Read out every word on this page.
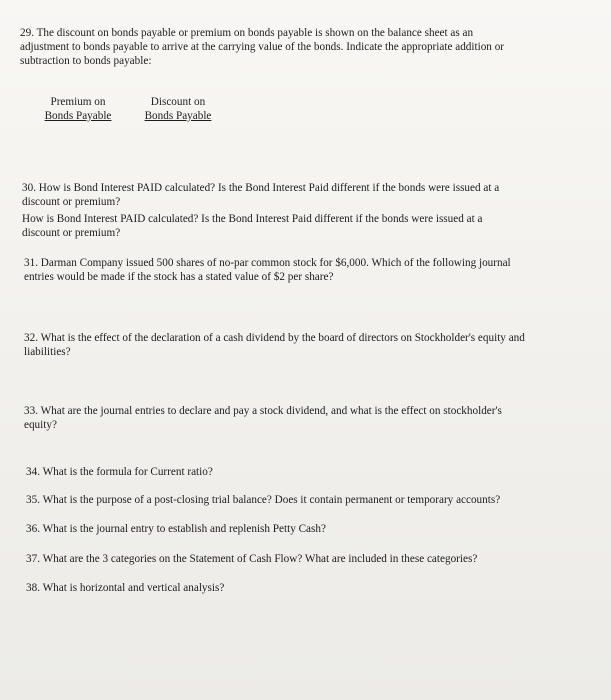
29. The discount on bonds payable or premium on bonds payable is shown on the balance sheet as an
adjustment to bonds payable to arrive at the carrying value of the bonds. Indicate the appropriate addition or
subtraction to bonds payable:
Premium on
Bonds Payable
Discount on
Bonds Payable
30. How is Bond Interest PAID calculated? Is the Bond Interest Paid different if the bonds were issued at a
discount or premium?
How is Bond Interest PAID calculated? Is the Bond Interest Paid different if the bonds were issued at a
discount or premium?
31. Darman Company issued 500 shares of no-par common stock for $6,000. Which of the following journal
entries would be made if the stock has a stated value of $2 per share?
32. What is the effect of the declaration of a cash dividend by the board of directors on Stockholder's equity and
liabilities?
33. What are the journal entries to declare and pay a stock dividend, and what is the effect on stockholder's
equity?
34. What is the formula for Current ratio?
35. What is the purpose of a post-closing trial balance? Does it contain permanent or temporary accounts?
36. What is the journal entry to establish and replenish Petty Cash?
37. What are the 3 categories on the Statement of Cash Flow? What are included in these categories?
38. What is horizontal and vertical analysis?
